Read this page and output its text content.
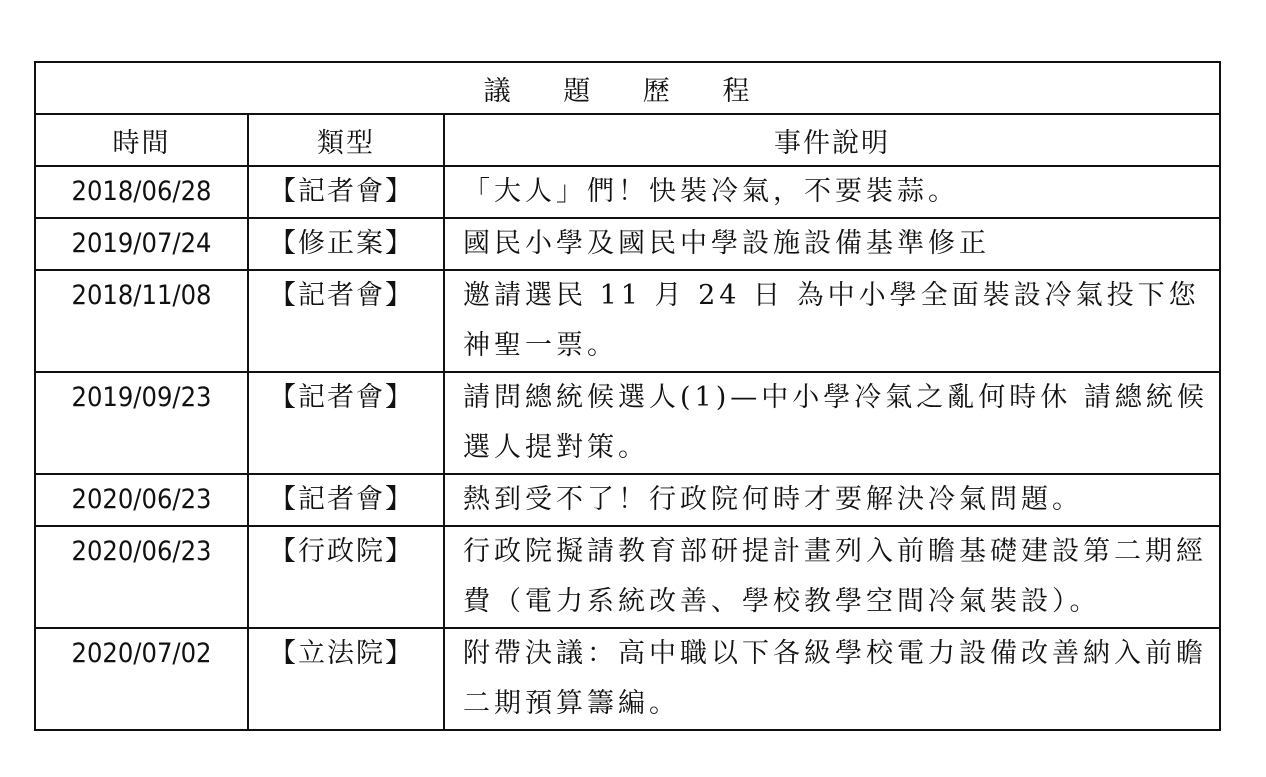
議 題 歷 程		
時間	類型	事件說明
2018/06/28	【記者會】	「大人」們！快裝冷氣，不要裝蒜。
2019/07/24	【修正案】	國民小學及國民中學設施設備基準修正
2018/11/08	【記者會】	邀請選民 11 月 24 日 為中小學全面裝設冷氣投下您神聖一票。
2019/09/23	【記者會】	請問總統候選人(1)—中小學冷氣之亂何時休 請總統候選人提對策。
2020/06/23	【記者會】	熱到受不了！行政院何時才要解決冷氣問題。
2020/06/23	【行政院】	行政院擬請教育部研提計畫列入前瞻基礎建設第二期經費（電力系統改善、學校教學空間冷氣裝設）。
2020/07/02	【立法院】	附帶決議：高中職以下各級學校電力設備改善納入前瞻二期預算籌編。
